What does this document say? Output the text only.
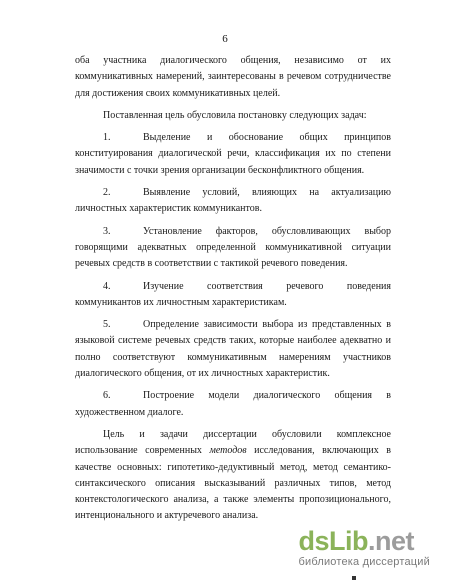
6

оба участника диалогического общения, независимо от их коммуникативных намерений, заинтересованы в речевом сотрудничестве для достижения своих коммуникативных целей.

Поставленная цель обусловила постановку следующих задач:

1.	Выделение и обоснование общих принципов конституирования диалогической речи, классификация их по степени значимости с точки зрения организации бесконфликтного общения.

2.	Выявление условий, влияющих на актуализацию личностных характеристик коммуникантов.

3.	Установление факторов, обусловливающих выбор говорящими адекватных определенной коммуникативной ситуации речевых средств в соответствии с тактикой речевого поведения.

4.	Изучение соответствия речевого поведения коммуникантов их личностным характеристикам.

5.	Определение зависимости выбора из представленных в языковой системе речевых средств таких, которые наиболее адекватно и полно соответствуют коммуникативным намерениям участников диалогического общения, от их личностных характеристик.

6.	Построение модели диалогического общения в художественном диалоге.

Цель и задачи диссертации обусловили комплексное использование современных методов исследования, включающих в качестве основных: гипотетико-дедуктивный метод, метод семантико-синтаксического описания высказываний различных типов, метод контекстологического анализа, а также элементы пропозиционального, интенционального и актуречевого анализа.

dsLib.net
библиотека диссертаций
